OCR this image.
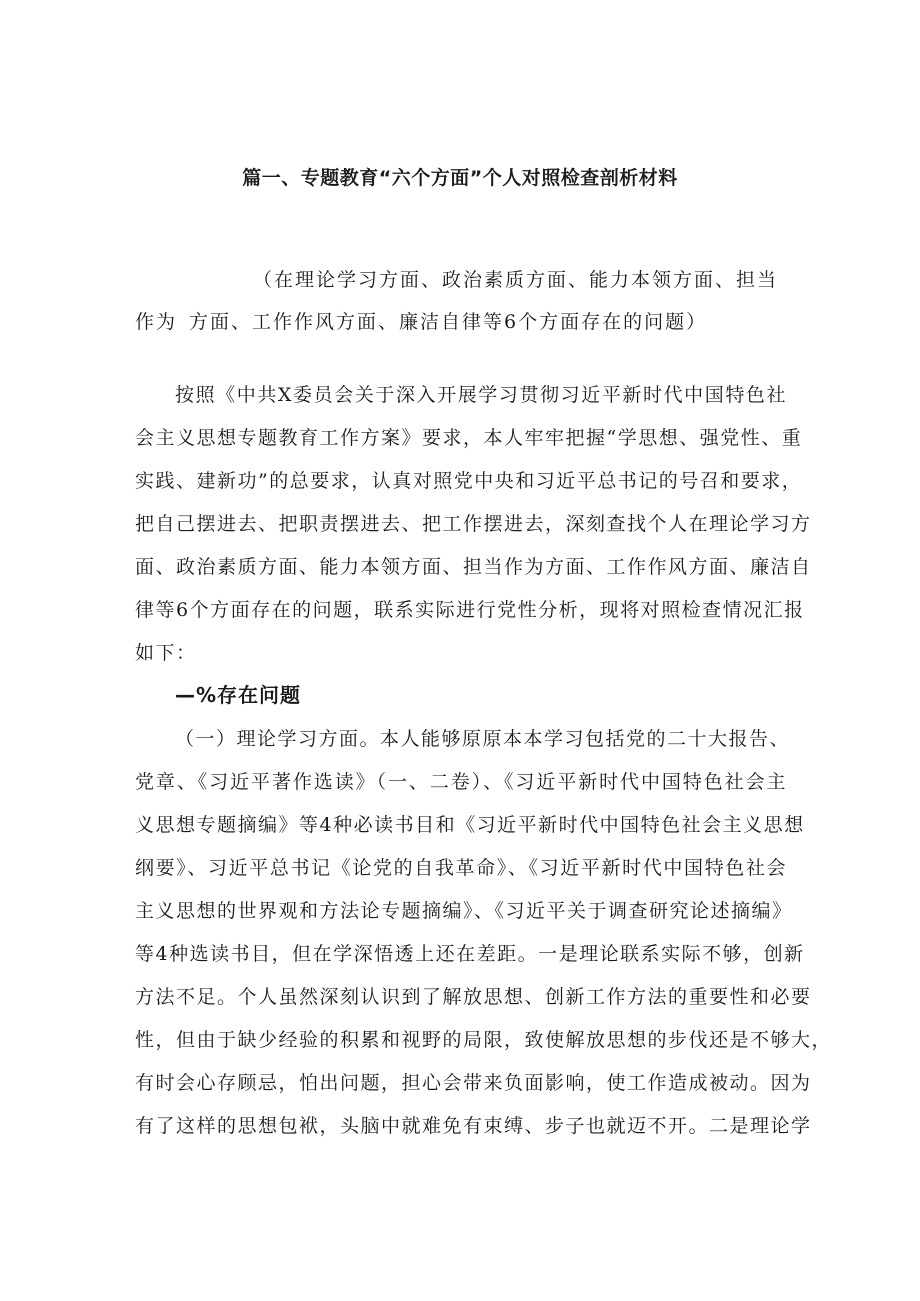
篇一、专题教育“六个方面”个人对照检查剖析材料
（在理论学习方面、政治素质方面、能力本领方面、担当作为 方面、工作作风方面、廉洁自律等6个方面存在的问题）
按照《中共X委员会关于深入开展学习贯彻习近平新时代中国特色社
会主义思想专题教育工作方案》要求，本人牢牢把握“学思想、强党性、重
实践、建新功”的总要求，认真对照党中央和习近平总书记的号召和要求，
把自己摆进去、把职责摆进去、把工作摆进去，深刻查找个人在理论学习方
面、政治素质方面、能力本领方面、担当作为方面、工作作风方面、廉洁自
律等6个方面存在的问题，联系实际进行党性分析，现将对照检查情况汇报
如下：
—%存在问题
（一）理论学习方面。本人能够原原本本学习包括党的二十大报告、
党章、《习近平著作选读》（一、二卷）、《习近平新时代中国特色社会主
义思想专题摘编》等4种必读书目和《习近平新时代中国特色社会主义思想
纲要》、习近平总书记《论党的自我革命》、《习近平新时代中国特色社会
主义思想的世界观和方法论专题摘编》、《习近平关于调查研究论述摘编》
等4种选读书目，但在学深悟透上还在差距。一是理论联系实际不够，创新
方法不足。个人虽然深刻认识到了解放思想、创新工作方法的重要性和必要
性，但由于缺少经验的积累和视野的局限，致使解放思想的步伐还是不够大，
有时会心存顾忌，怕出问题，担心会带来负面影响，使工作造成被动。因为
有了这样的思想包袱，头脑中就难免有束缚、步子也就迈不开。二是理论学
